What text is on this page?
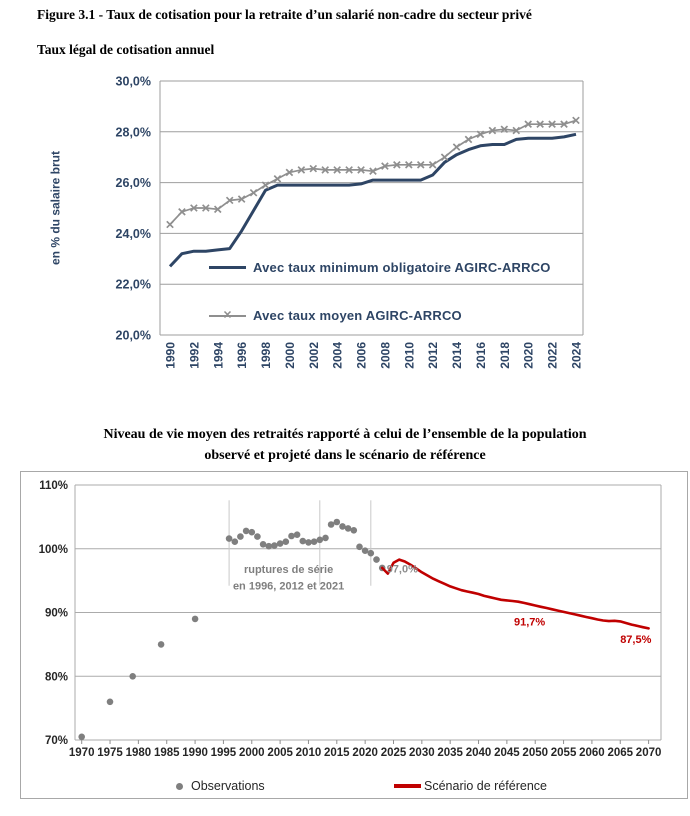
Figure 3.1 - Taux de cotisation pour la retraite d’un salarié non-cadre du secteur privé
Taux légal de cotisation annuel
en % du salaire brut
20,0%
22,0%
24,0%
26,0%
28,0%
30,0%
1990 1992 1994 1996 1998 2000 2002 2004 2006 2008 2010 2012 2014 2016 2018 2020 2022 2024
Avec taux minimum obligatoire AGIRC-ARRCO
✕ Avec taux moyen AGIRC-ARRCO
Niveau de vie moyen des retraités rapporté à celui de l’ensemble de la population
observé et projeté dans le scénario de référence
70%
80%
90%
100%
110%
1970 1975 1980 1985 1990 1995 2000 2005 2010 2015 2020 2025 2030 2035 2040 2045 2050 2055 2060 2065 2070
ruptures de série
en 1996, 2012 et 2021
97,0%
91,7%
87,5%
Observations	Scénario de référence
